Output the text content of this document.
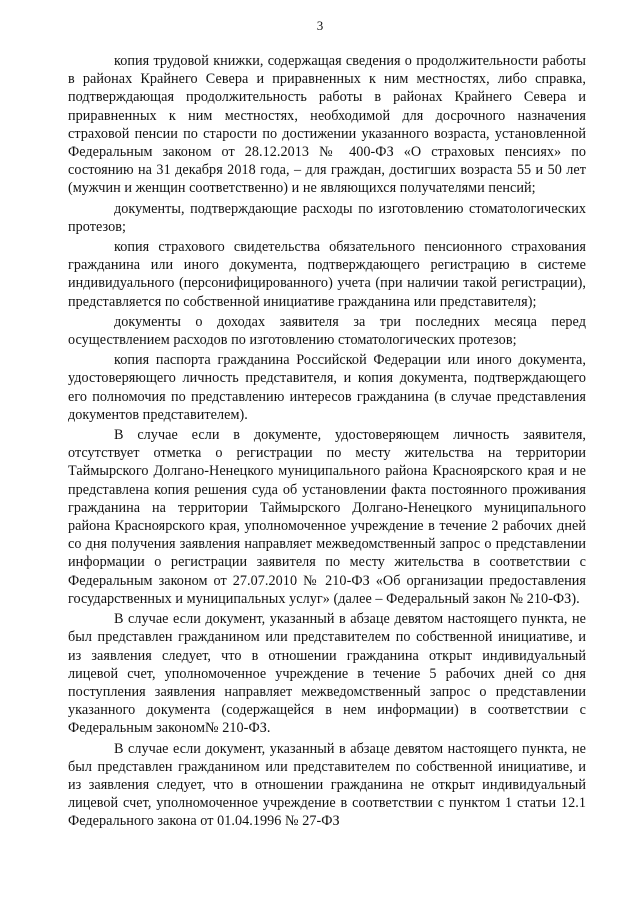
3

копия трудовой книжки, содержащая сведения о продолжительности работы в районах Крайнего Севера и приравненных к ним местностях, либо справка, подтверждающая продолжительность работы в районах Крайнего Севера и приравненных к ним местностях, необходимой для досрочного назначения страховой пенсии по старости по достижении указанного возраста, установленной Федеральным законом от 28.12.2013 № 400-ФЗ «О страховых пенсиях» по состоянию на 31 декабря 2018 года, – для граждан, достигших возраста 55 и 50 лет (мужчин и женщин соответственно) и не являющихся получателями пенсий;

документы, подтверждающие расходы по изготовлению стоматологических протезов;

копия страхового свидетельства обязательного пенсионного страхования гражданина или иного документа, подтверждающего регистрацию в системе индивидуального (персонифицированного) учета (при наличии такой регистрации), представляется по собственной инициативе гражданина или представителя);

документы о доходах заявителя за три последних месяца перед осуществлением расходов по изготовлению стоматологических протезов;

копия паспорта гражданина Российской Федерации или иного документа, удостоверяющего личность представителя, и копия документа, подтверждающего его полномочия по представлению интересов гражданина (в случае представления документов представителем).

В случае если в документе, удостоверяющем личность заявителя, отсутствует отметка о регистрации по месту жительства на территории Таймырского Долгано-Ненецкого муниципального района Красноярского края и не представлена копия решения суда об установлении факта постоянного проживания гражданина на территории Таймырского Долгано-Ненецкого муниципального района Красноярского края, уполномоченное учреждение в течение 2 рабочих дней со дня получения заявления направляет межведомственный запрос о представлении информации о регистрации заявителя по месту жительства в соответствии с Федеральным законом от 27.07.2010 № 210-ФЗ «Об организации предоставления государственных и муниципальных услуг» (далее – Федеральный закон № 210-ФЗ).

В случае если документ, указанный в абзаце девятом настоящего пункта, не был представлен гражданином или представителем по собственной инициативе, и из заявления следует, что в отношении гражданина открыт индивидуальный лицевой счет, уполномоченное учреждение в течение 5 рабочих дней со дня поступления заявления направляет межведомственный запрос о представлении указанного документа (содержащейся в нем информации) в соответствии с Федеральным законом№ 210-ФЗ.

В случае если документ, указанный в абзаце девятом настоящего пункта, не был представлен гражданином или представителем по собственной инициативе, и из заявления следует, что в отношении гражданина не открыт индивидуальный лицевой счет, уполномоченное учреждение в соответствии с пунктом 1 статьи 12.1 Федерального закона от 01.04.1996 № 27-ФЗ
